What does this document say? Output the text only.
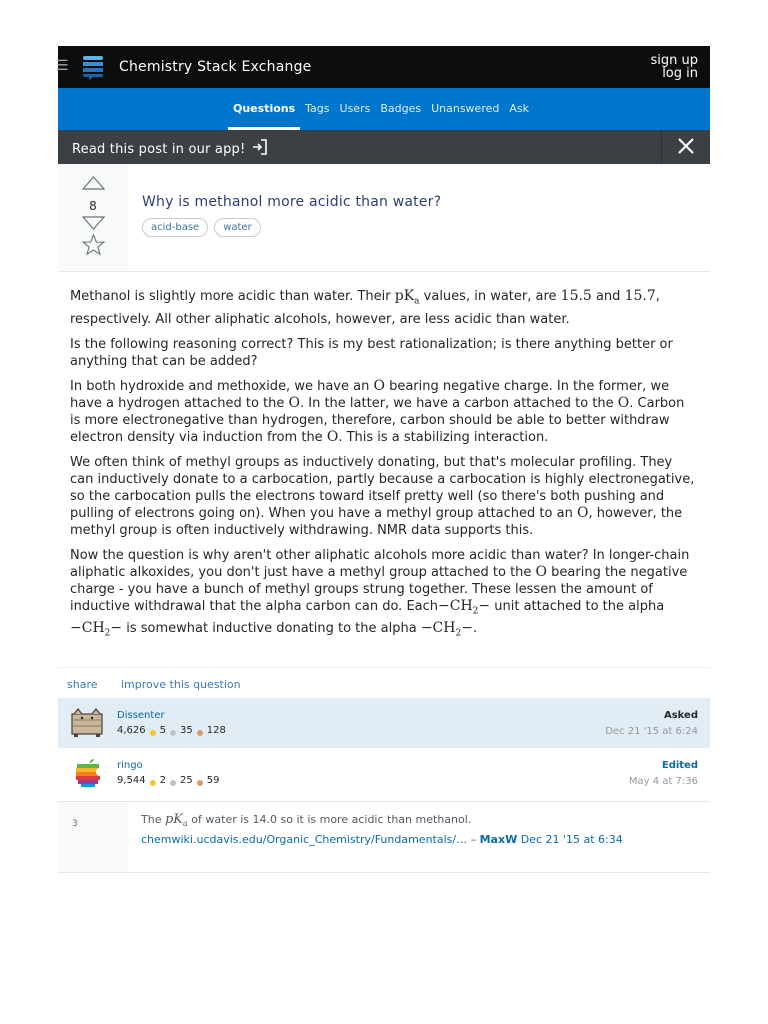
☰	Chemistry Stack Exchange	sign up
log in
Questions Tags Users Badges Unanswered Ask
Read this post in our app!
8	Why is methanol more acidic than water?
acid-base	water

Methanol is slightly more acidic than water. Their $pK_a$ values, in water, are 15.5 and 15.7, respectively. All other aliphatic alcohols, however, are less acidic than water.

Is the following reasoning correct? This is my best rationalization; is there anything better or anything that can be added?

In both hydroxide and methoxide, we have an O bearing negative charge. In the former, we have a hydrogen attached to the O. In the latter, we have a carbon attached to the O. Carbon is more electronegative than hydrogen, therefore, carbon should be able to better withdraw electron density via induction from the O. This is a stabilizing interaction.

We often think of methyl groups as inductively donating, but that's molecular profiling. They can inductively donate to a carbocation, partly because a carbocation is highly electronegative, so the carbocation pulls the electrons toward itself pretty well (so there's both pushing and pulling of electrons going on). When you have a methyl group attached to an O, however, the methyl group is often inductively withdrawing. NMR data supports this.

Now the question is why aren't other aliphatic alcohols more acidic than water? In longer-chain aliphatic alkoxides, you don't just have a methyl group attached to the O bearing the negative charge - you have a bunch of methyl groups strung together. These lessen the amount of inductive withdrawal that the alpha carbon can do. $Each-CH_2-$ unit attached to the alpha $-CH_2-$ is somewhat inductive donating to the alpha $-CH_2-$.

share improve this question
Dissenter
4,626 5 35 128
Asked
Dec 21 '15 at 6:24
ringo
9,544 2 25 59
Edited
May 4 at 7:36
3	The $pK_a$ of water is 14.0 so it is more acidic than methanol.
chemwiki.ucdavis.edu/Organic_Chemistry/Fundamentals/… – MaxW Dec 21 '15 at 6:34
